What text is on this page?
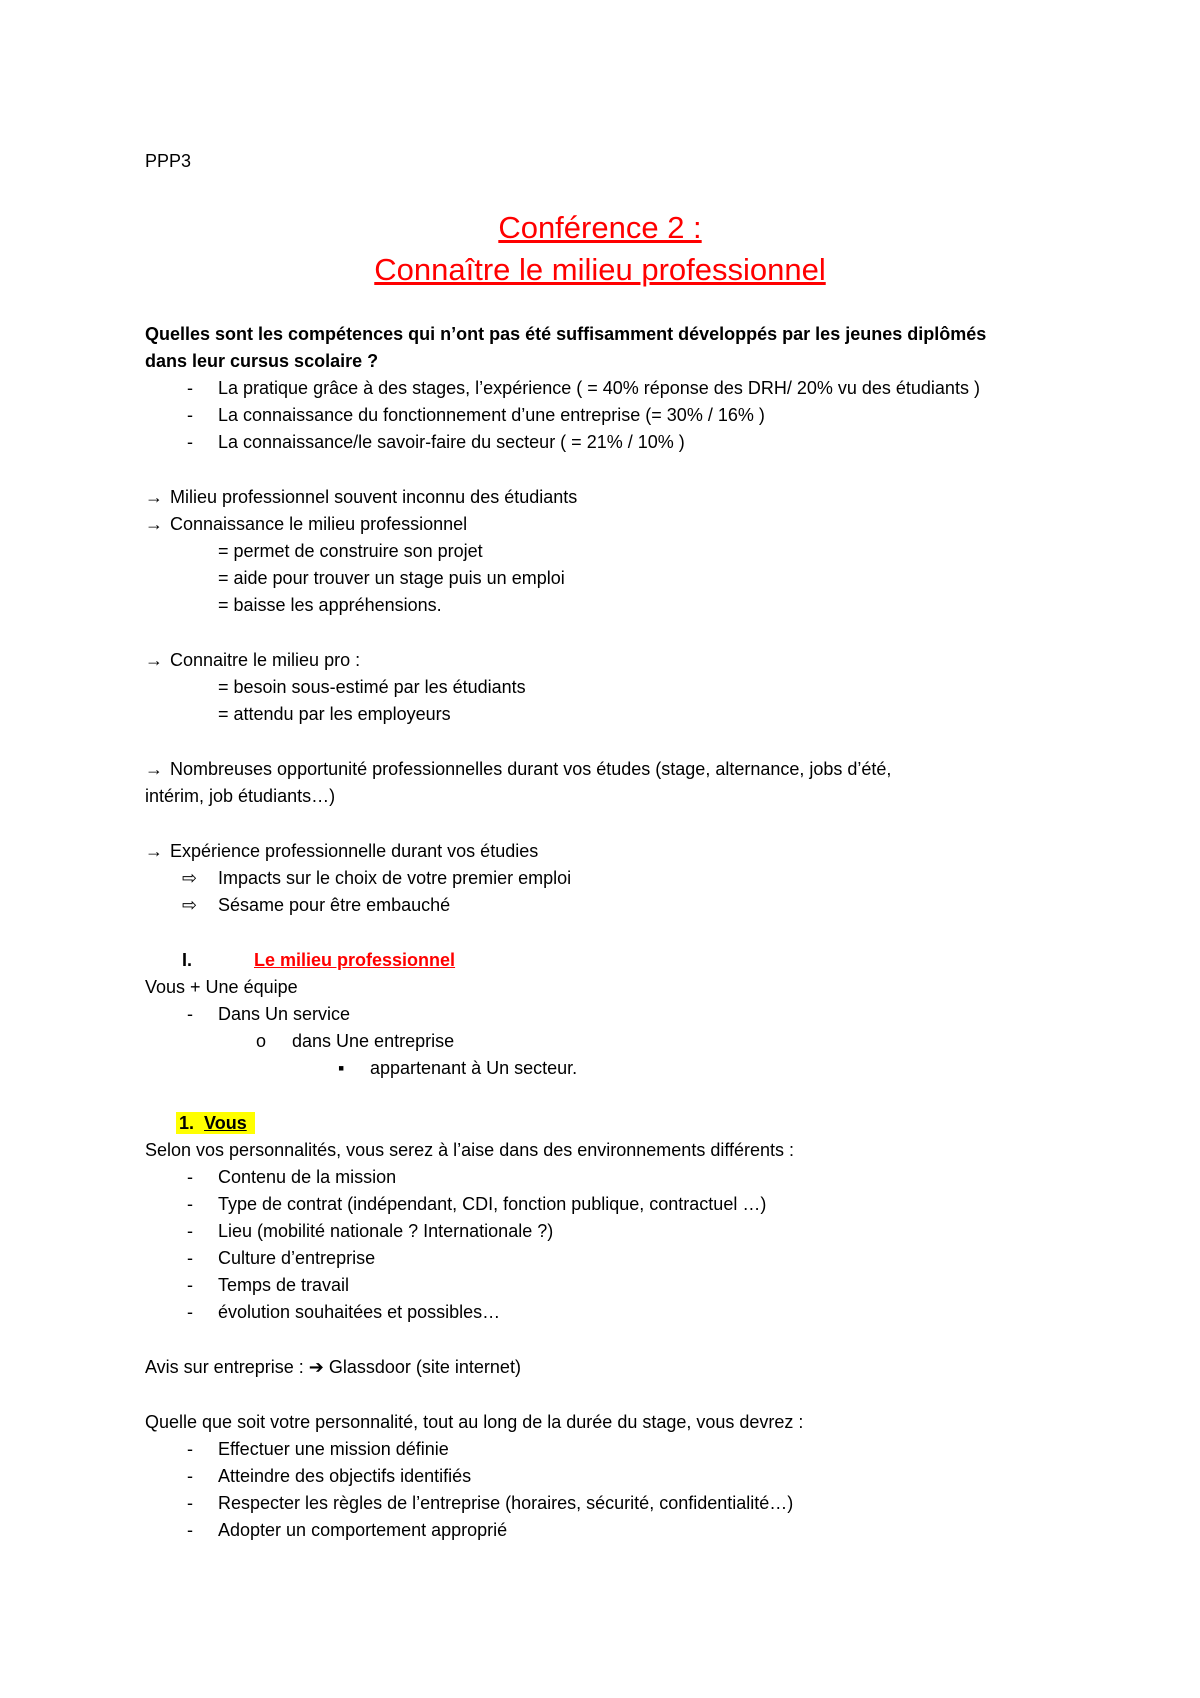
PPP3
Conférence 2 :
Connaître le milieu professionnel
Quelles sont les compétences qui n’ont pas été suffisamment développés par les jeunes diplômés
dans leur cursus scolaire ?
- La pratique grâce à des stages, l’expérience ( = 40% réponse des DRH/ 20% vu des étudiants )
- La connaissance du fonctionnement d’une entreprise (= 30% / 16% )
- La connaissance/le savoir-faire du secteur ( = 21% / 10% )
→ Milieu professionnel souvent inconnu des étudiants
→ Connaissance le milieu professionnel
= permet de construire son projet
= aide pour trouver un stage puis un emploi
= baisse les appréhensions.
→ Connaitre le milieu pro :
= besoin sous-estimé par les étudiants
= attendu par les employeurs
→ Nombreuses opportunité professionnelles durant vos études (stage, alternance, jobs d’été,
intérim, job étudiants…)
→ Expérience professionnelle durant vos étudies
⇨ Impacts sur le choix de votre premier emploi
⇨ Sésame pour être embauché
I.	Le milieu professionnel
Vous + Une équipe
- Dans Un service
o dans Une entreprise
▪ appartenant à Un secteur.
1. Vous
Selon vos personnalités, vous serez à l’aise dans des environnements différents :
- Contenu de la mission
- Type de contrat (indépendant, CDI, fonction publique, contractuel …)
- Lieu (mobilité nationale ? Internationale ?)
- Culture d’entreprise
- Temps de travail
- évolution souhaitées et possibles…
Avis sur entreprise : ➔ Glassdoor (site internet)
Quelle que soit votre personnalité, tout au long de la durée du stage, vous devrez :
- Effectuer une mission définie
- Atteindre des objectifs identifiés
- Respecter les règles de l’entreprise (horaires, sécurité, confidentialité…)
- Adopter un comportement approprié
